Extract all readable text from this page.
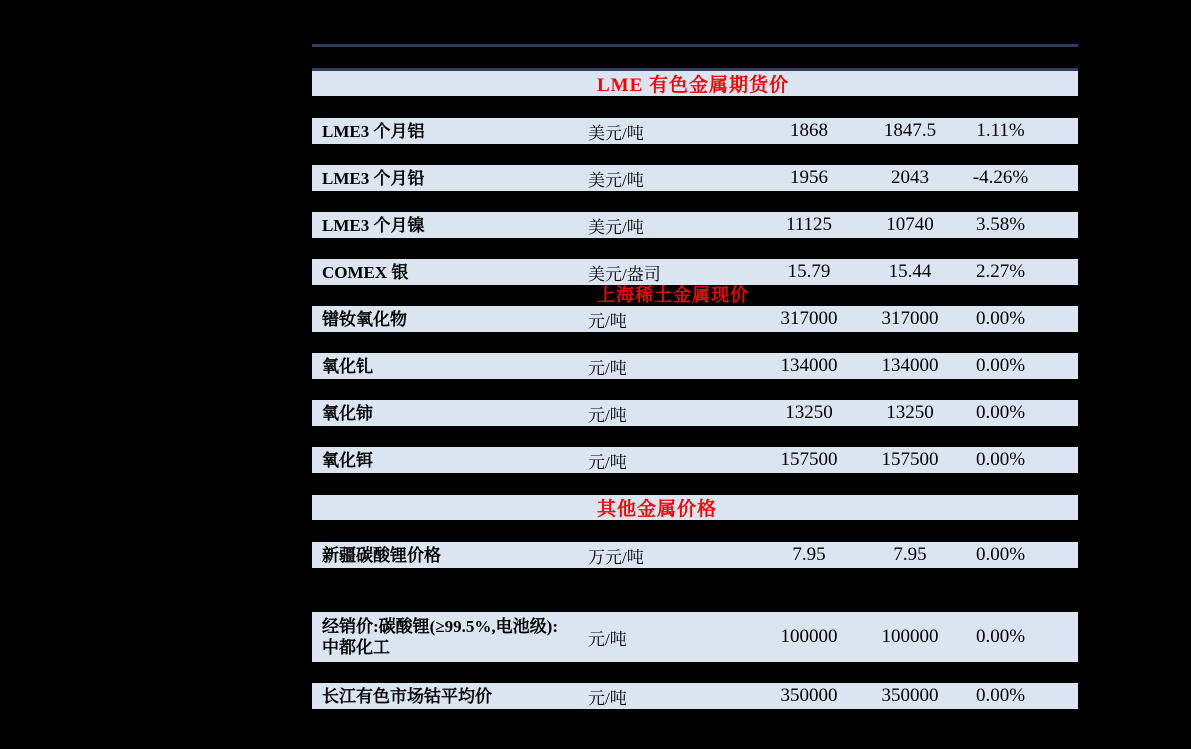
LME 有色金属期货价
LME3 个月铝	美元/吨	1868	1847.5	1.11%
LME3 个月铅	美元/吨	1956	2043	-4.26%
LME3 个月镍	美元/吨	11125	10740	3.58%
COMEX 银	美元/盎司	15.79	15.44	2.27%
上海稀土金属现价
镨钕氧化物	元/吨	317000	317000	0.00%
氧化钆	元/吨	134000	134000	0.00%
氧化铈	元/吨	13250	13250	0.00%
氧化铒	元/吨	157500	157500	0.00%
其他金属价格
新疆碳酸锂价格	万元/吨	7.95	7.95	0.00%
经销价:碳酸锂(≥99.5%,电池级):
中都化工	元/吨	100000	100000	0.00%
长江有色市场钴平均价	元/吨	350000	350000	0.00%
